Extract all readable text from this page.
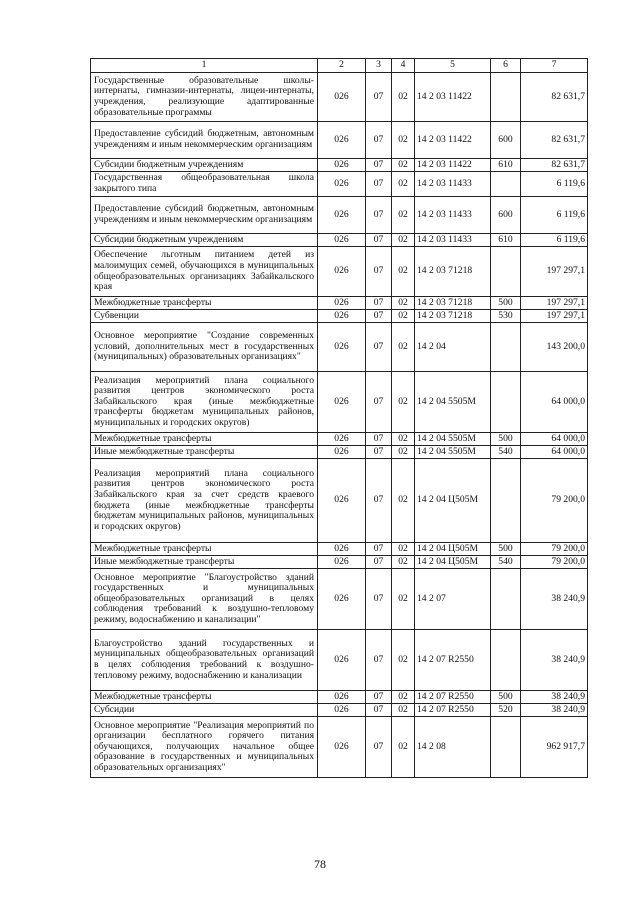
1	2	3	4	5	6	7
Государственные образовательные школы-интернаты, гимназии-интернаты, лицеи-интернаты, учреждения, реализующие адаптированные образовательные программы	026	07	02	14 2 03 11422		82 631,7
Предоставление субсидий бюджетным, автономным учреждениям и иным некоммерческим организациям	026	07	02	14 2 03 11422	600	82 631,7
Субсидии бюджетным учреждениям	026	07	02	14 2 03 11422	610	82 631,7
Государственная общеобразовательная школа закрытого типа	026	07	02	14 2 03 11433		6 119,6
Предоставление субсидий бюджетным, автономным учреждениям и иным некоммерческим организациям	026	07	02	14 2 03 11433	600	6 119,6
Субсидии бюджетным учреждениям	026	07	02	14 2 03 11433	610	6 119,6
Обеспечение льготным питанием детей из малоимущих семей, обучающихся в муниципальных общеобразовательных организациях Забайкальского края	026	07	02	14 2 03 71218		197 297,1
Межбюджетные трансферты	026	07	02	14 2 03 71218	500	197 297,1
Субвенции	026	07	02	14 2 03 71218	530	197 297,1
Основное мероприятие "Создание современных условий, дополнительных мест в государственных (муниципальных) образовательных организациях"	026	07	02	14 2 04		143 200,0
Реализация мероприятий плана социального развития центров экономического роста Забайкальского края (иные межбюджетные трансферты бюджетам муниципальных районов, муниципальных и городских округов)	026	07	02	14 2 04 5505М		64 000,0
Межбюджетные трансферты	026	07	02	14 2 04 5505М	500	64 000,0
Иные межбюджетные трансферты	026	07	02	14 2 04 5505М	540	64 000,0
Реализация мероприятий плана социального развития центров экономического роста Забайкальского края за счет средств краевого бюджета (иные межбюджетные трансферты бюджетам муниципальных районов, муниципальных и городских округов)	026	07	02	14 2 04 Ц505М		79 200,0
Межбюджетные трансферты	026	07	02	14 2 04 Ц505М	500	79 200,0
Иные межбюджетные трансферты	026	07	02	14 2 04 Ц505М	540	79 200,0
Основное мероприятие "Благоустройство зданий государственных и муниципальных общеобразовательных организаций в целях соблюдения требований к воздушно-тепловому режиму, водоснабжению и канализации"	026	07	02	14 2 07		38 240,9
Благоустройство зданий государственных и муниципальных общеобразовательных организаций в целях соблюдения требований к воздушно-тепловому режиму, водоснабжению и канализации	026	07	02	14 2 07 R2550		38 240,9
Межбюджетные трансферты	026	07	02	14 2 07 R2550	500	38 240,9
Субсидии	026	07	02	14 2 07 R2550	520	38 240,9
Основное мероприятие "Реализация мероприятий по организации бесплатного горячего питания обучающихся, получающих начальное общее образование в государственных и муниципальных образовательных организациях"	026	07	02	14 2 08		962 917,7
78
